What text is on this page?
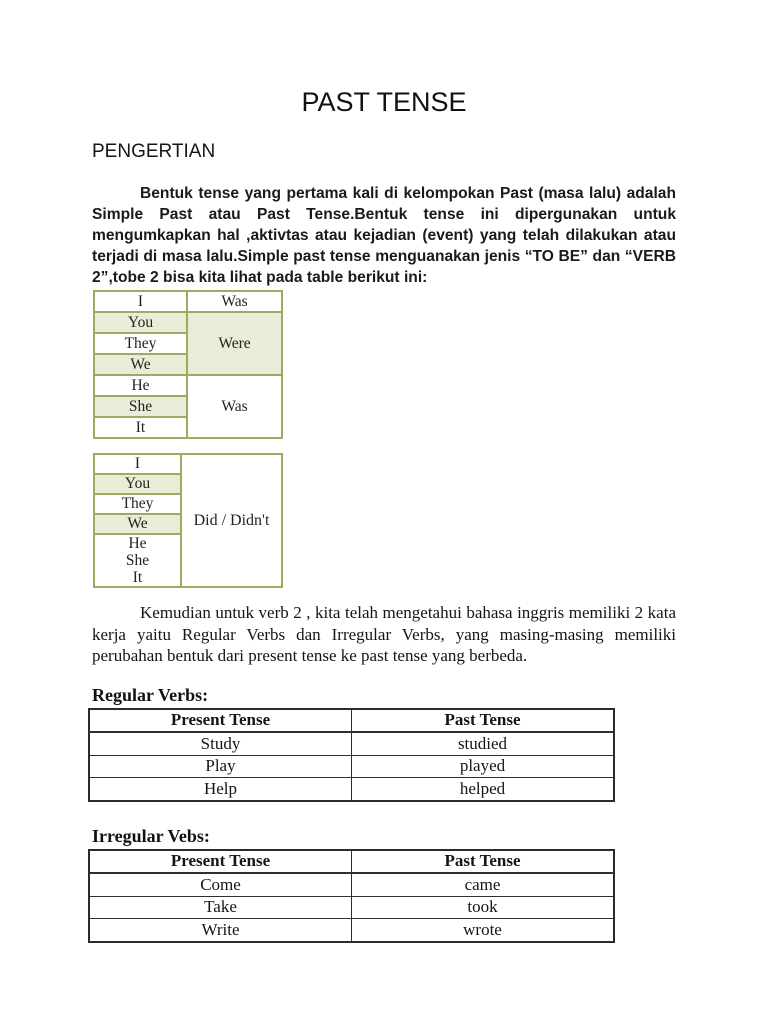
PAST TENSE
PENGERTIAN

Bentuk tense yang pertama kali di kelompokan Past (masa lalu) adalah Simple Past atau Past Tense.Bentuk tense ini dipergunakan untuk mengumkapkan hal ,aktivtas atau kejadian (event) yang telah dilakukan atau terjadi di masa lalu.Simple past tense menguanakan jenis “TO BE” dan “VERB 2”,tobe 2 bisa kita lihat pada table berikut ini:

I	Was
You	Were
They	
We	
He	Was
She	
It	
I	Did / Didn't
You
They
We

He
She
It

Kemudian untuk verb 2 , kita telah mengetahui bahasa inggris memiliki 2 kata kerja yaitu Regular Verbs dan Irregular Verbs, yang masing-masing memiliki perubahan bentuk dari present tense ke past tense yang berbeda.

Regular Verbs:
Present Tense	Past Tense
Study	studied
Play	played
Help	helped
Irregular Vebs:
Present Tense	Past Tense
Come	came
Take	took
Write	wrote
